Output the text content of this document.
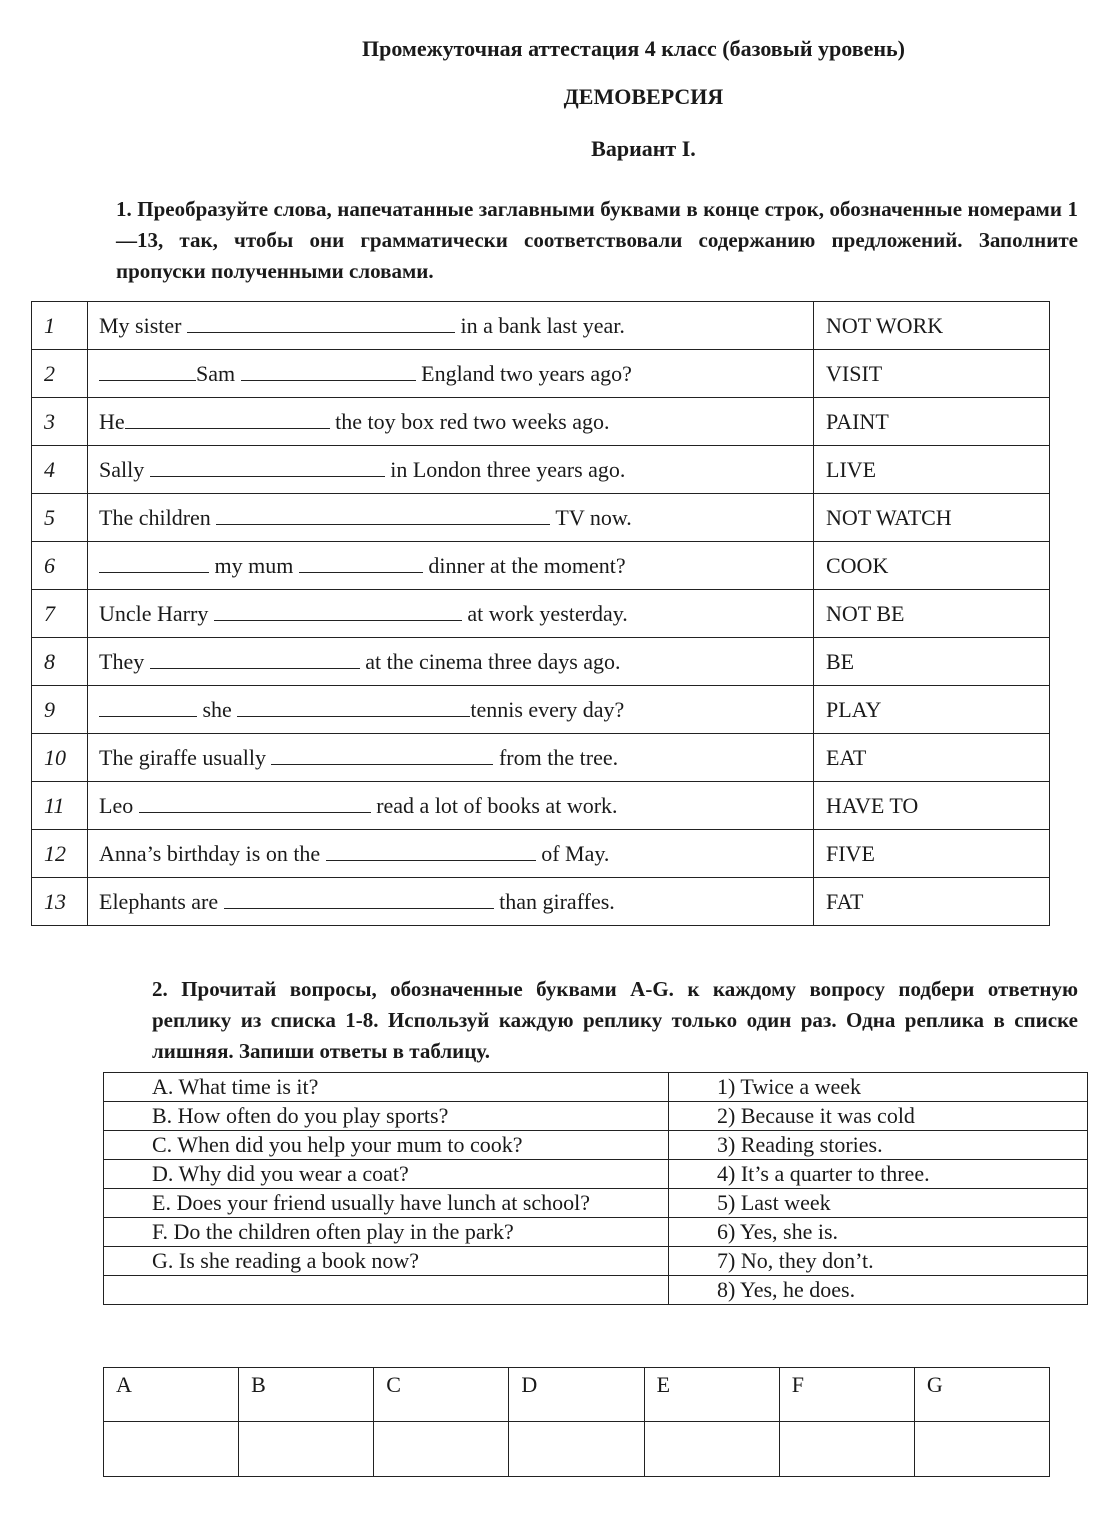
Промежуточная аттестация 4 класс (базовый уровень)
ДЕМОВЕРСИЯ
Вариант I.
1. Преобразуйте слова, напечатанные заглавными буквами в конце строк, обозначенные номерами 1—13, так, чтобы они грамматически соответствовали содержанию предложений. Заполните пропуски полученными словами.
1	My sister in a bank last year.	NOT WORK
2	Sam England two years ago?	VISIT
3	He the toy box red two weeks ago.	PAINT
4	Sally in London three years ago.	LIVE
5	The children TV now.	NOT WATCH
6	my mum dinner at the moment?	COOK
7	Uncle Harry at work yesterday.	NOT BE
8	They at the cinema three days ago.	BE
9	she tennis every day?	PLAY
10	The giraffe usually from the tree.	EAT
11	Leo read a lot of books at work.	HAVE TO
12	Anna’s birthday is on the of May.	FIVE
13	Elephants are than giraffes.	FAT
2. Прочитай вопросы, обозначенные буквами A-G. к каждому вопросу подбери ответную реплику из списка 1-8. Используй каждую реплику только один раз. Одна реплика в списке лишняя. Запиши ответы в таблицу.
A. What time is it?	1) Twice a week
B. How often do you play sports?	2) Because it was cold
C. When did you help your mum to cook?	3) Reading stories.
D. Why did you wear a coat?	4) It’s a quarter to three.
E. Does your friend usually have lunch at school?	5) Last week
F. Do the children often play in the park?	6) Yes, she is.
G. Is she reading a book now?	7) No, they don’t.
	8) Yes, he does.
A	B	C	D	E	F	G
